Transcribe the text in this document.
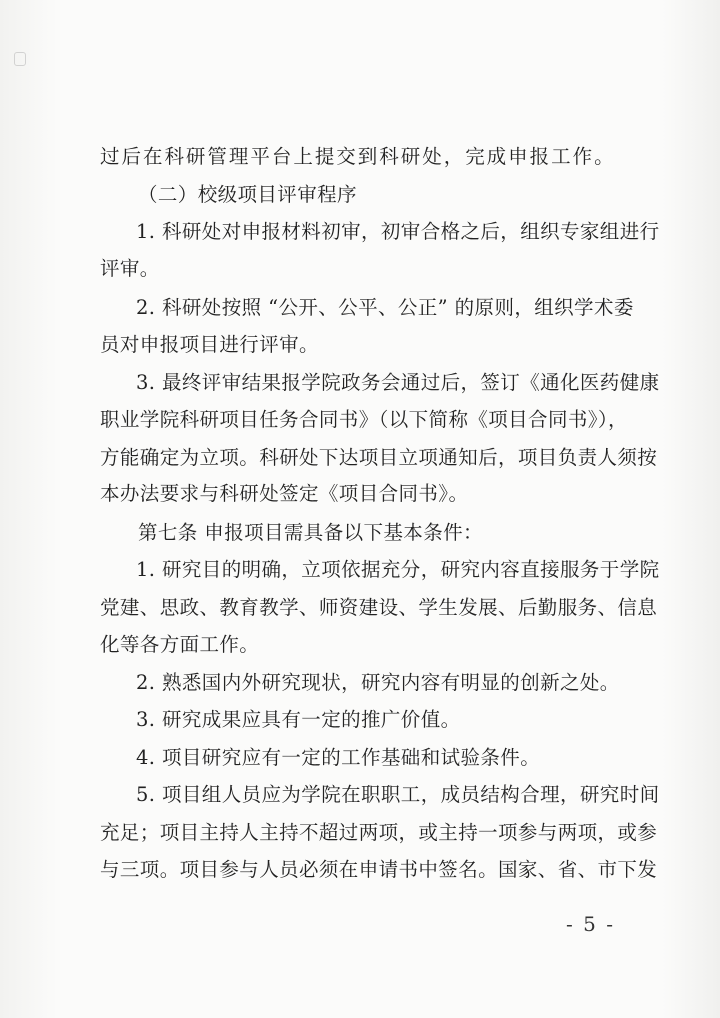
过后在科研管理平台上提交到科研处，完成申报工作。
（二）校级项目评审程序
1. 科研处对申报材料初审，初审合格之后，组织专家组进行
评审。
2. 科研处按照 “公开、公平、公正” 的原则，组织学术委
员对申报项目进行评审。
3. 最终评审结果报学院政务会通过后，签订《通化医药健康
职业学院科研项目任务合同书》（以下简称《项目合同书》），
方能确定为立项。科研处下达项目立项通知后，项目负责人须按
本办法要求与科研处签定《项目合同书》。
第七条 申报项目需具备以下基本条件：
1. 研究目的明确，立项依据充分，研究内容直接服务于学院
党建、思政、教育教学、师资建设、学生发展、后勤服务、信息
化等各方面工作。
2. 熟悉国内外研究现状，研究内容有明显的创新之处。
3. 研究成果应具有一定的推广价值。
4. 项目研究应有一定的工作基础和试验条件。
5. 项目组人员应为学院在职职工，成员结构合理，研究时间
充足；项目主持人主持不超过两项，或主持一项参与两项，或参
与三项。项目参与人员必须在申请书中签名。国家、省、市下发
- 5 -
